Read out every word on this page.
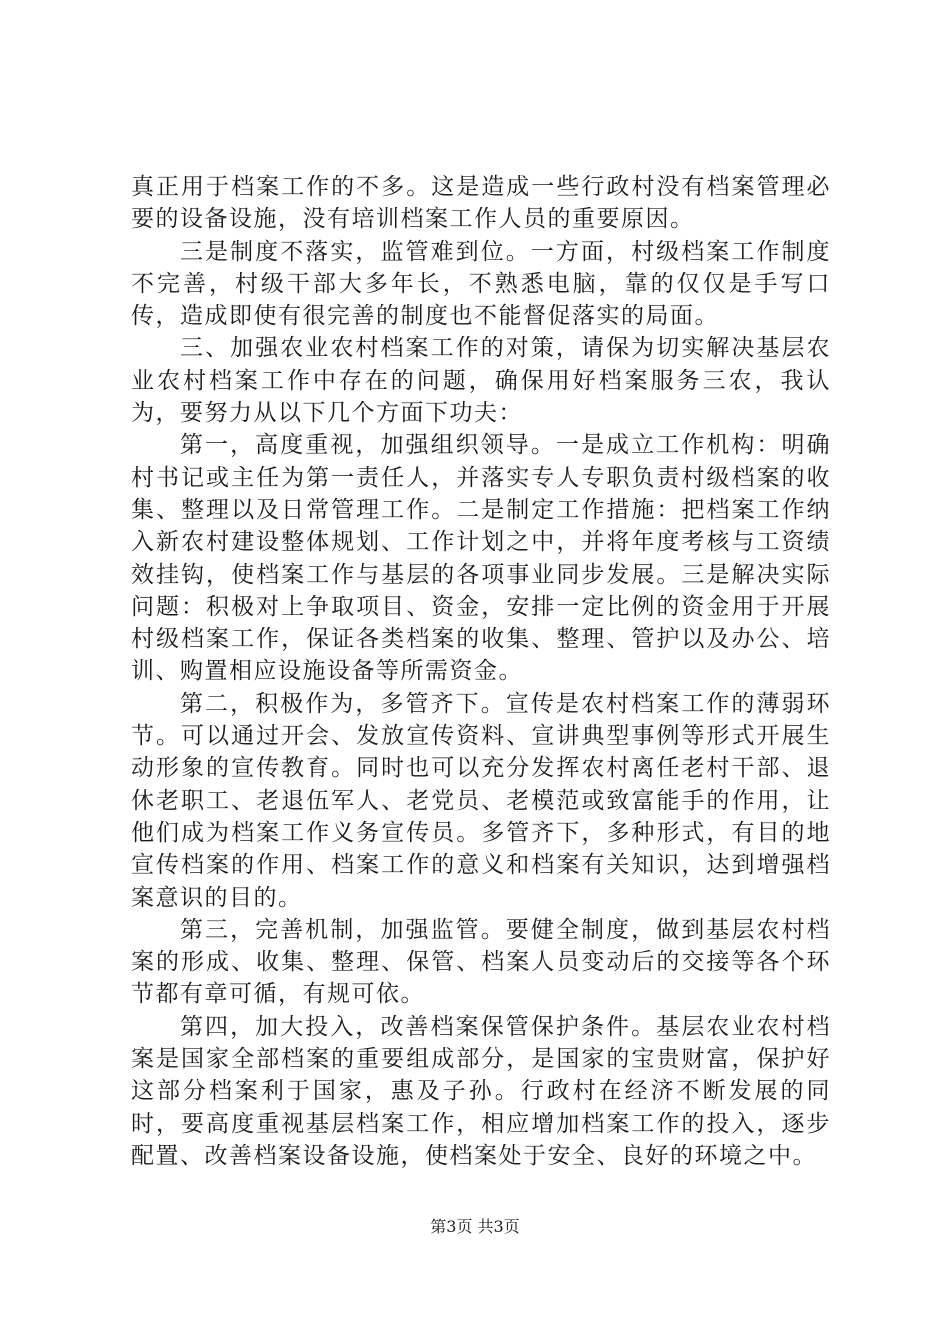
真正用于档案工作的不多。这是造成一些行政村没有档案管理必要的设备设施，没有培训档案工作人员的重要原因。

三是制度不落实，监管难到位。一方面，村级档案工作制度不完善，村级干部大多年长，不熟悉电脑，靠的仅仅是手写口传，造成即使有很完善的制度也不能督促落实的局面。

三、加强农业农村档案工作的对策，请保为切实解决基层农业农村档案工作中存在的问题，确保用好档案服务三农，我认为，要努力从以下几个方面下功夫：

第一，高度重视，加强组织领导。一是成立工作机构：明确村书记或主任为第一责任人，并落实专人专职负责村级档案的收集、整理以及日常管理工作。二是制定工作措施：把档案工作纳入新农村建设整体规划、工作计划之中，并将年度考核与工资绩效挂钩，使档案工作与基层的各项事业同步发展。三是解决实际问题：积极对上争取项目、资金，安排一定比例的资金用于开展村级档案工作，保证各类档案的收集、整理、管护以及办公、培训、购置相应设施设备等所需资金。

第二，积极作为，多管齐下。宣传是农村档案工作的薄弱环节。可以通过开会、发放宣传资料、宣讲典型事例等形式开展生动形象的宣传教育。同时也可以充分发挥农村离任老村干部、退休老职工、老退伍军人、老党员、老模范或致富能手的作用，让他们成为档案工作义务宣传员。多管齐下，多种形式，有目的地宣传档案的作用、档案工作的意义和档案有关知识，达到增强档案意识的目的。

第三，完善机制，加强监管。要健全制度，做到基层农村档案的形成、收集、整理、保管、档案人员变动后的交接等各个环节都有章可循，有规可依。

第四，加大投入，改善档案保管保护条件。基层农业农村档案是国家全部档案的重要组成部分，是国家的宝贵财富，保护好这部分档案利于国家，惠及子孙。行政村在经济不断发展的同时，要高度重视基层档案工作，相应增加档案工作的投入，逐步配置、改善档案设备设施，使档案处于安全、良好的环境之中。

第3页 共3页
